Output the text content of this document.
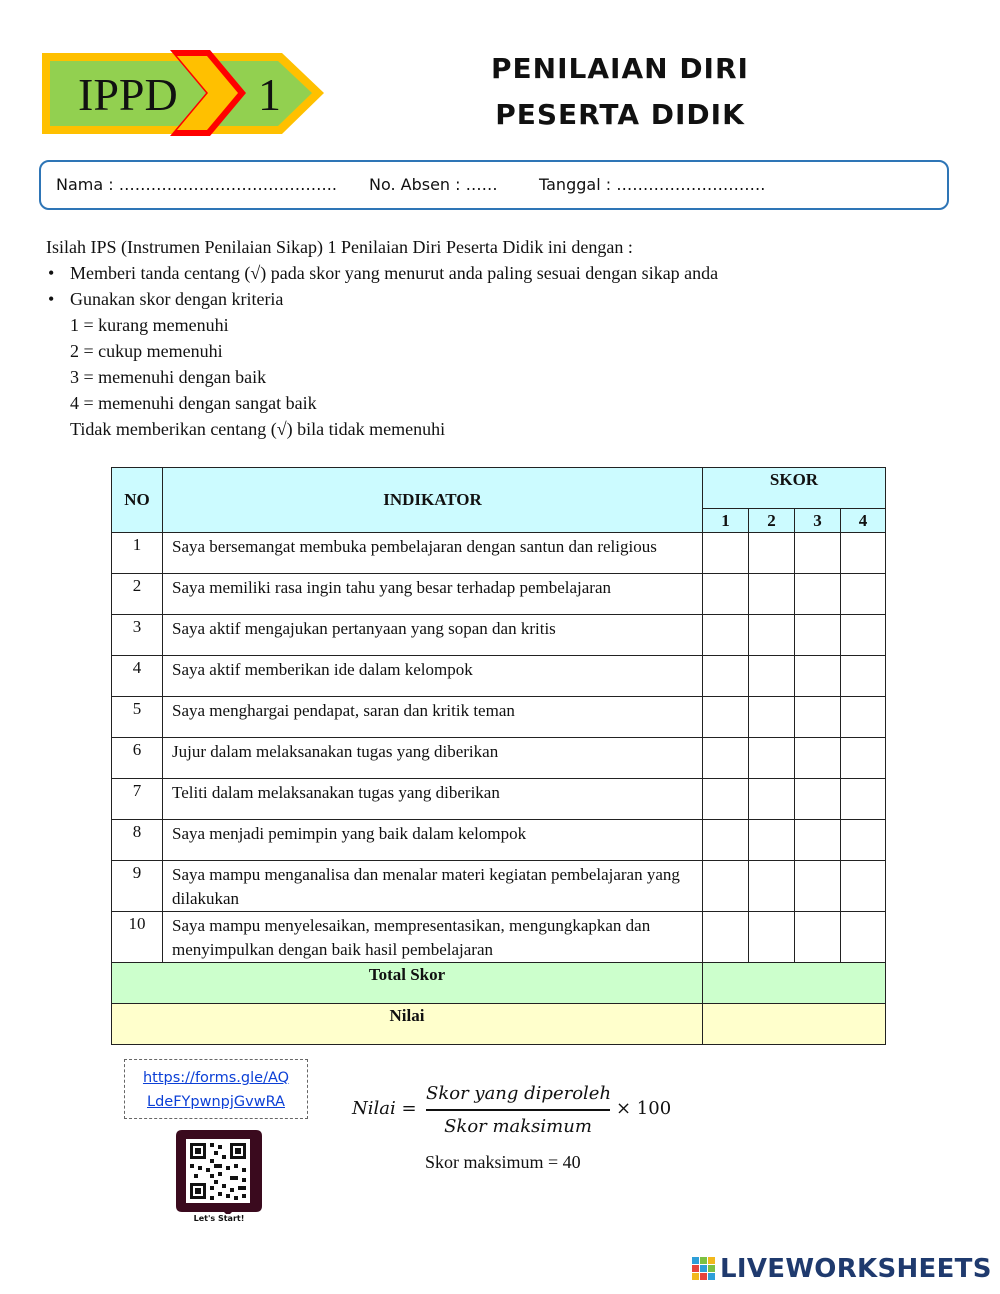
IPPD 1
PENILAIAN DIRI
PESERTA DIDIK
Nama : ………………………………….. No. Absen : ……	Tanggal : ……………………….
Isilah IPS (Instrumen Penilaian Sikap) 1 Penilaian Diri Peserta Didik ini dengan :
• Memberi tanda centang (√) pada skor yang menurut anda paling sesuai dengan sikap anda
• Gunakan skor dengan kriteria
1 = kurang memenuhi
2 = cukup memenuhi
3 = memenuhi dengan baik
4 = memenuhi dengan sangat baik
Tidak memberikan centang (√) bila tidak memenuhi
NO	INDIKATOR	SKOR			
		1	2	3	4
1	Saya bersemangat membuka pembelajaran dengan santun dan religious				
2	Saya memiliki rasa ingin tahu yang besar terhadap pembelajaran				
3	Saya aktif mengajukan pertanyaan yang sopan dan kritis				
4	Saya aktif memberikan ide dalam kelompok				
5	Saya menghargai pendapat, saran dan kritik teman				
6	Jujur dalam melaksanakan tugas yang diberikan				
7	Teliti dalam melaksanakan tugas yang diberikan				
8	Saya menjadi pemimpin yang baik dalam kelompok				
9	Saya mampu menganalisa dan menalar materi kegiatan pembelajaran yang dilakukan				
10	Saya mampu menyelesaikan, mempresentasikan, mengungkapkan dan menyimpulkan dengan baik hasil pembelajaran				
Total Skor					
Nilai					
https://forms.gle/AQ
LdeFYpwnpjGvwRA
Let's Start!
Nilai =
Skor yang diperoleh
Skor maksimum
× 100
Skor maksimum = 40
LIVEWORKSHEETS
